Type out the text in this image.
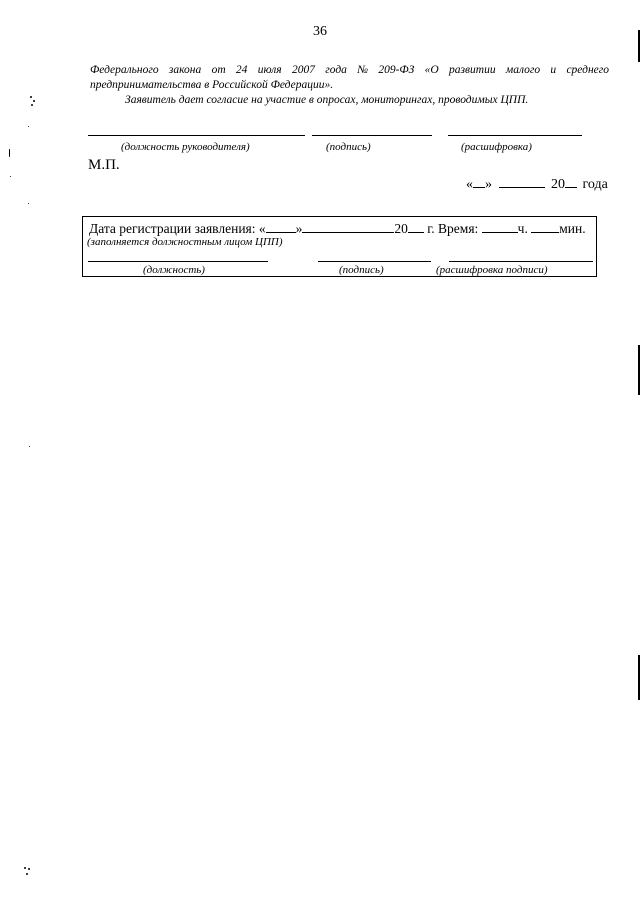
36
Федерального закона от 24 июля 2007 года № 209-ФЗ «О развитии малого и среднего
предпринимательства в Российской Федерации».
Заявитель дает согласие на участие в опросах, мониторингах, проводимых ЦПП.
(должность руководителя)	(подпись)	(расшифровка)
М.П.
« »	20 года
Дата регистрации заявления: « »	20 г. Время:	ч. мин.
(заполняется должностным лицом ЦПП)
(должность)	(подпись)	(расшифровка подписи)
